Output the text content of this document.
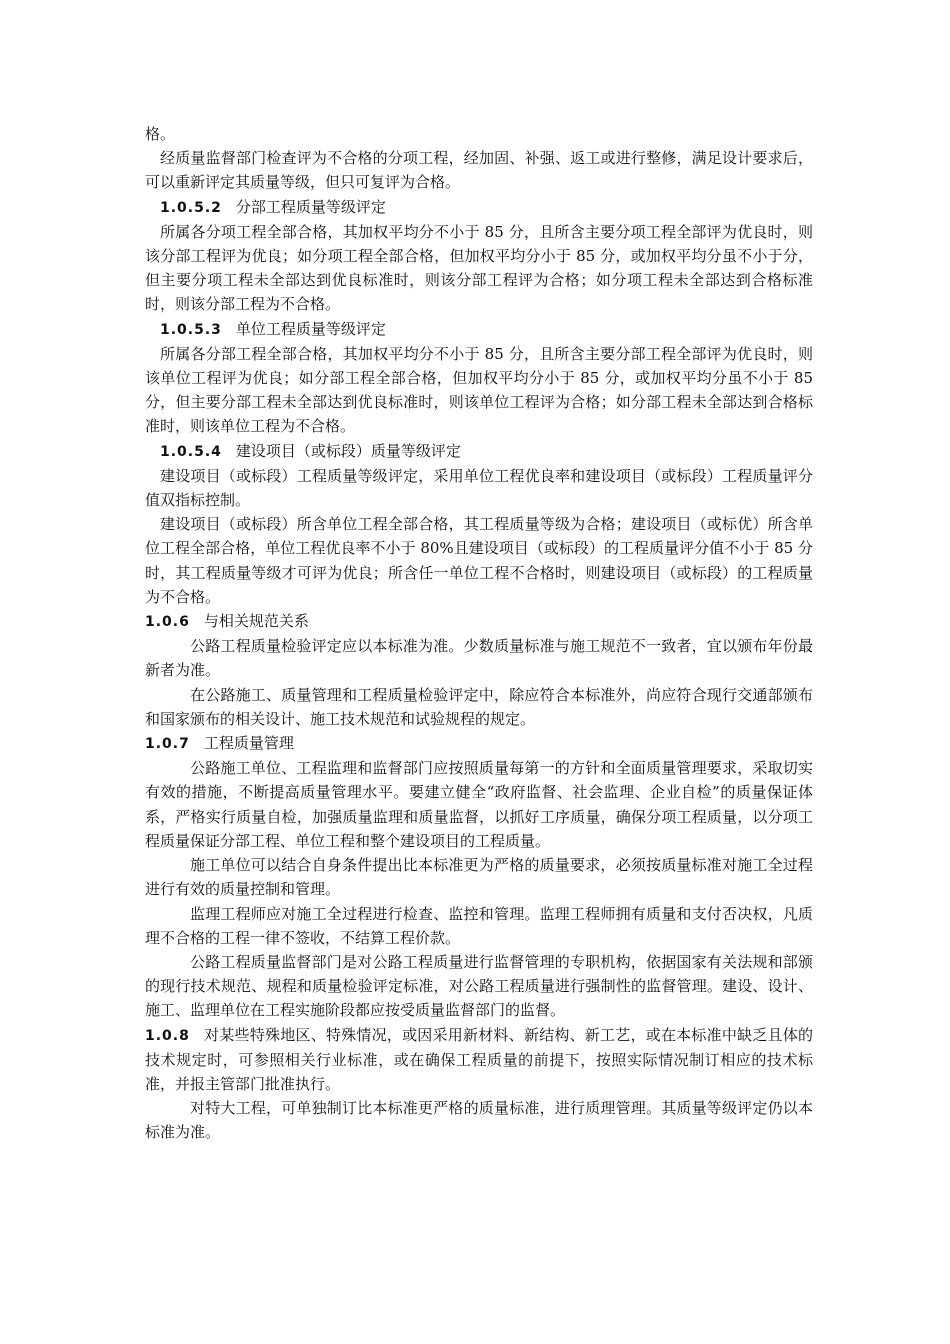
格。

经质量监督部门检查评为不合格的分项工程，经加固、补强、返工或进行整修，满足设计要求后，可以重新评定其质量等级，但只可复评为合格。

1.0.5.2 分部工程质量等级评定

所属各分项工程全部合格，其加权平均分不小于 85 分，且所含主要分项工程全部评为优良时，则该分部工程评为优良；如分项工程全部合格，但加权平均分小于 85 分，或加权平均分虽不小于分，但主要分项工程未全部达到优良标准时，则该分部工程评为合格；如分项工程未全部达到合格标准时，则该分部工程为不合格。

1.0.5.3 单位工程质量等级评定

所属各分部工程全部合格，其加权平均分不小于 85 分，且所含主要分部工程全部评为优良时，则该单位工程评为优良；如分部工程全部合格，但加权平均分小于 85 分，或加权平均分虽不小于 85 分，但主要分部工程未全部达到优良标准时，则该单位工程评为合格；如分部工程未全部达到合格标准时，则该单位工程为不合格。

1.0.5.4 建设项目（或标段）质量等级评定

建设项目（或标段）工程质量等级评定，采用单位工程优良率和建设项目（或标段）工程质量评分值双指标控制。

建设项目（或标段）所含单位工程全部合格，其工程质量等级为合格；建设项目（或标优）所含单位工程全部合格，单位工程优良率不小于 80%且建设项目（或标段）的工程质量评分值不小于 85 分时，其工程质量等级才可评为优良；所含任一单位工程不合格时，则建设项目（或标段）的工程质量为不合格。

1.0.6 与相关规范关系

公路工程质量检验评定应以本标准为准。少数质量标准与施工规范不一致者，宜以颁布年份最新者为准。

在公路施工、质量管理和工程质量检验评定中，除应符合本标准外，尚应符合现行交通部颁布和国家颁布的相关设计、施工技术规范和试验规程的规定。

1.0.7 工程质量管理

公路施工单位、工程监理和监督部门应按照质量每第一的方针和全面质量管理要求，采取切实有效的措施，不断提高质量管理水平。要建立健全“政府监督、社会监理、企业自检”的质量保证体系，严格实行质量自检，加强质量监理和质量监督，以抓好工序质量，确保分项工程质量，以分项工程质量保证分部工程、单位工程和整个建设项目的工程质量。

施工单位可以结合自身条件提出比本标准更为严格的质量要求，必须按质量标准对施工全过程进行有效的质量控制和管理。

监理工程师应对施工全过程进行检查、监控和管理。监理工程师拥有质量和支付否决权，凡质理不合格的工程一律不签收，不结算工程价款。

公路工程质量监督部门是对公路工程质量进行监督管理的专职机构，依据国家有关法规和部颁的现行技术规范、规程和质量检验评定标准，对公路工程质量进行强制性的监督管理。建设、设计、施工、监理单位在工程实施阶段都应按受质量监督部门的监督。

1.0.8 对某些特殊地区、特殊情况，或因采用新材料、新结构、新工艺，或在本标准中缺乏且体的技术规定时，可参照相关行业标准，或在确保工程质量的前提下，按照实际情况制订相应的技术标准，并报主管部门批准执行。

对特大工程，可单独制订比本标准更严格的质量标准，进行质理管理。其质量等级评定仍以本标准为准。
